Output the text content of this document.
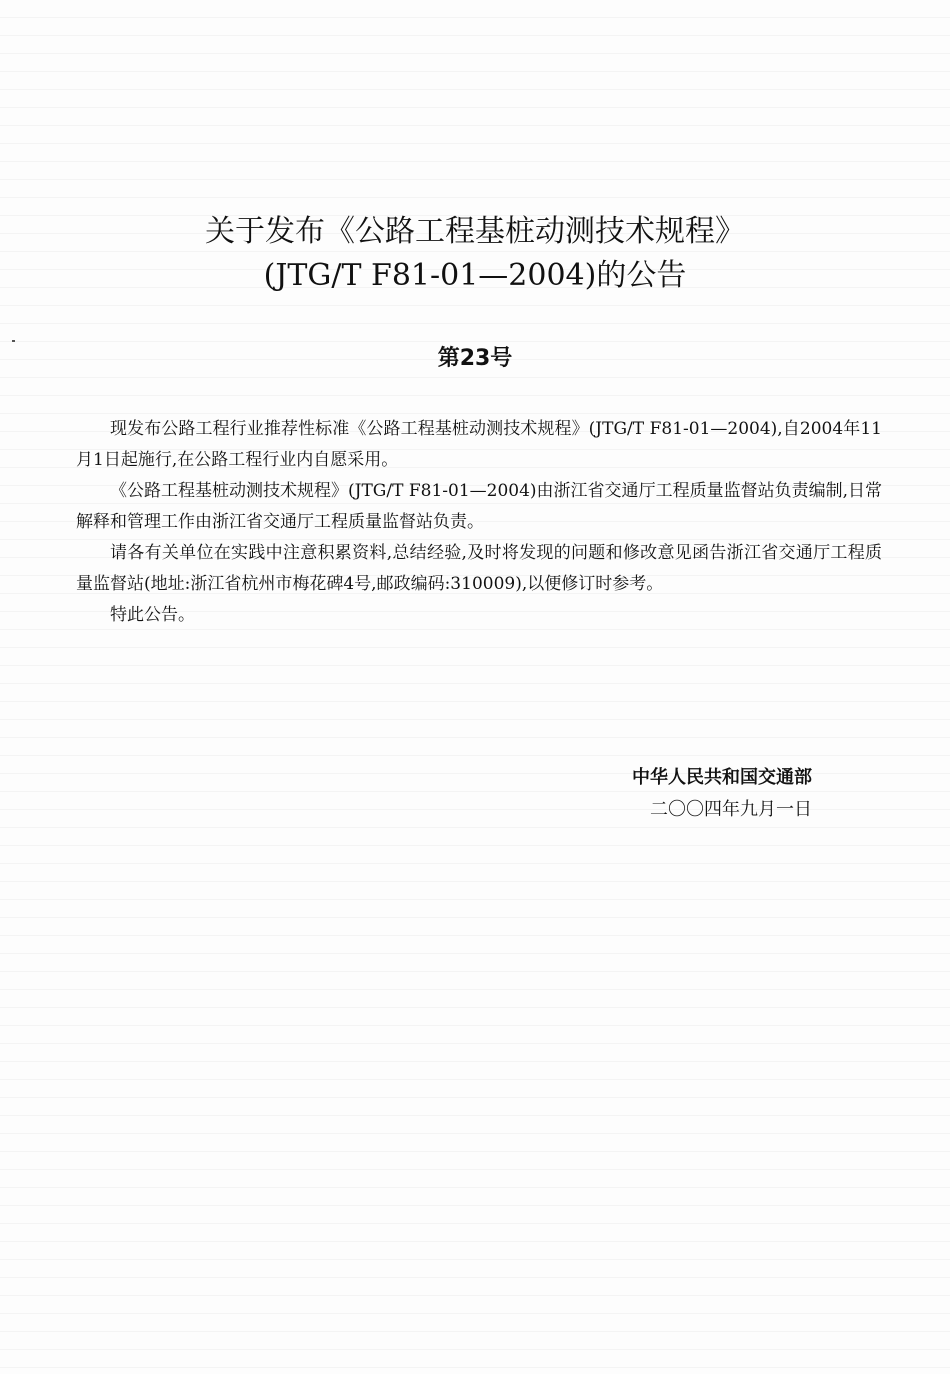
关于发布《公路工程基桩动测技术规程》
(JTG/T F81-01—2004)的公告
第23号

现发布公路工程行业推荐性标准《公路工程基桩动测技术规程》(JTG/T F81-01—2004),自2004年11月1日起施行,在公路工程行业内自愿采用。

《公路工程基桩动测技术规程》(JTG/T F81-01—2004)由浙江省交通厅工程质量监督站负责编制,日常解释和管理工作由浙江省交通厅工程质量监督站负责。

请各有关单位在实践中注意积累资料,总结经验,及时将发现的问题和修改意见函告浙江省交通厅工程质量监督站(地址:浙江省杭州市梅花碑4号,邮政编码:310009),以便修订时参考。

特此公告。

中华人民共和国交通部
二〇〇四年九月一日
